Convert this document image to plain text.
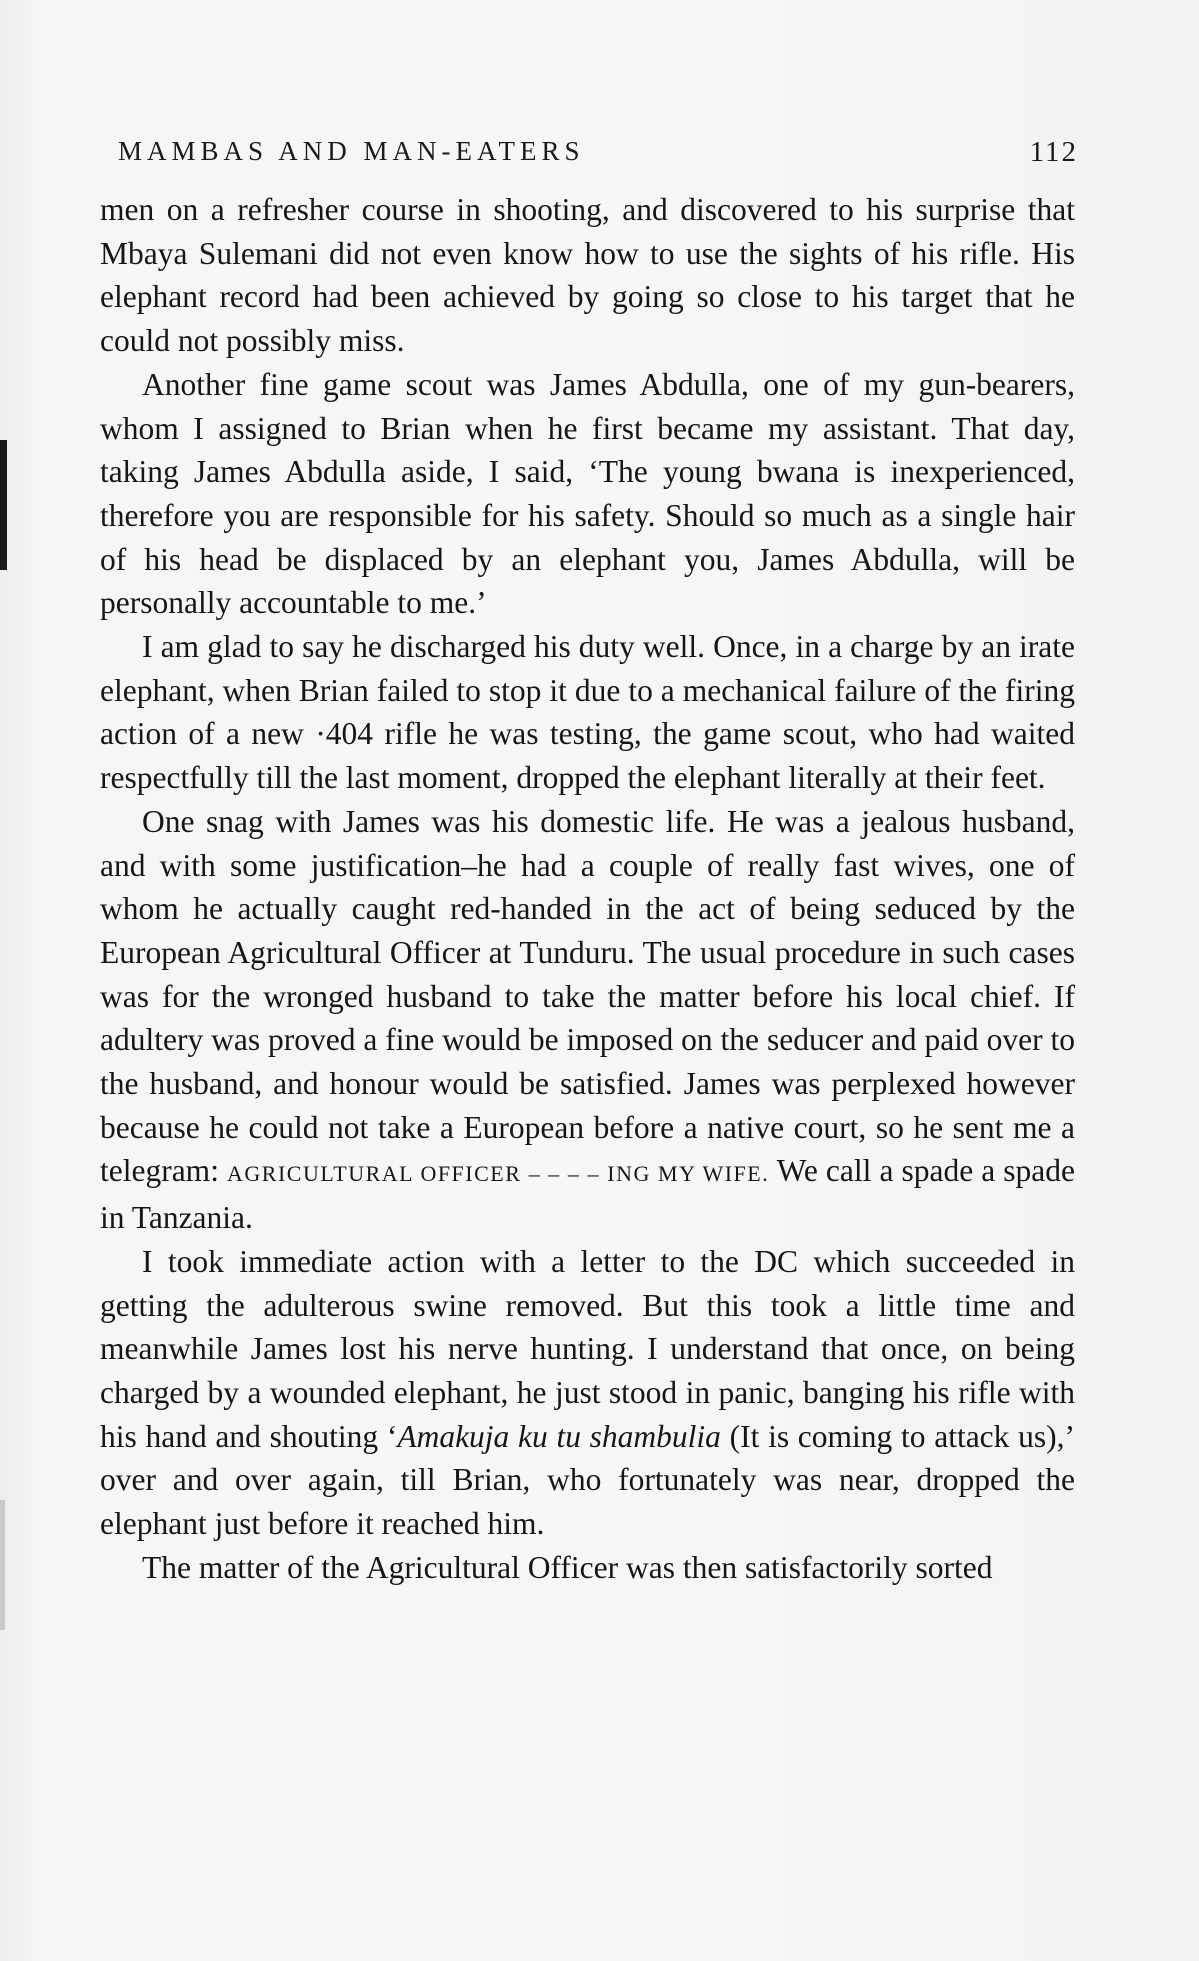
MAMBAS AND MAN-EATERS	112

men on a refresher course in shooting, and discovered to his surprise that Mbaya Sulemani did not even know how to use the sights of his rifle. His elephant record had been achieved by going so close to his target that he could not possibly miss.

Another fine game scout was James Abdulla, one of my gun-bearers, whom I assigned to Brian when he first became my assistant. That day, taking James Abdulla aside, I said, ‘The young bwana is inexperienced, therefore you are responsible for his safety. Should so much as a single hair of his head be displaced by an elephant you, James Abdulla, will be personally accountable to me.’

I am glad to say he discharged his duty well. Once, in a charge by an irate elephant, when Brian failed to stop it due to a mechanical failure of the firing action of a new ·404 rifle he was testing, the game scout, who had waited respectfully till the last moment, dropped the elephant literally at their feet.

One snag with James was his domestic life. He was a jealous husband, and with some justification–he had a couple of really fast wives, one of whom he actually caught red-handed in the act of being seduced by the European Agricultural Officer at Tunduru. The usual procedure in such cases was for the wronged husband to take the matter before his local chief. If adultery was proved a fine would be imposed on the seducer and paid over to the husband, and honour would be satisfied. James was perplexed however because he could not take a European before a native court, so he sent me a telegram: AGRICULTURAL OFFICER – – – – ING MY WIFE. We call a spade a spade in Tanzania.

I took immediate action with a letter to the DC which succeeded in getting the adulterous swine removed. But this took a little time and meanwhile James lost his nerve hunting. I understand that once, on being charged by a wounded elephant, he just stood in panic, banging his rifle with his hand and shouting ‘Amakuja ku tu shambulia (It is coming to attack us),’ over and over again, till Brian, who fortunately was near, dropped the elephant just before it reached him.

The matter of the Agricultural Officer was then satisfactorily sorted
